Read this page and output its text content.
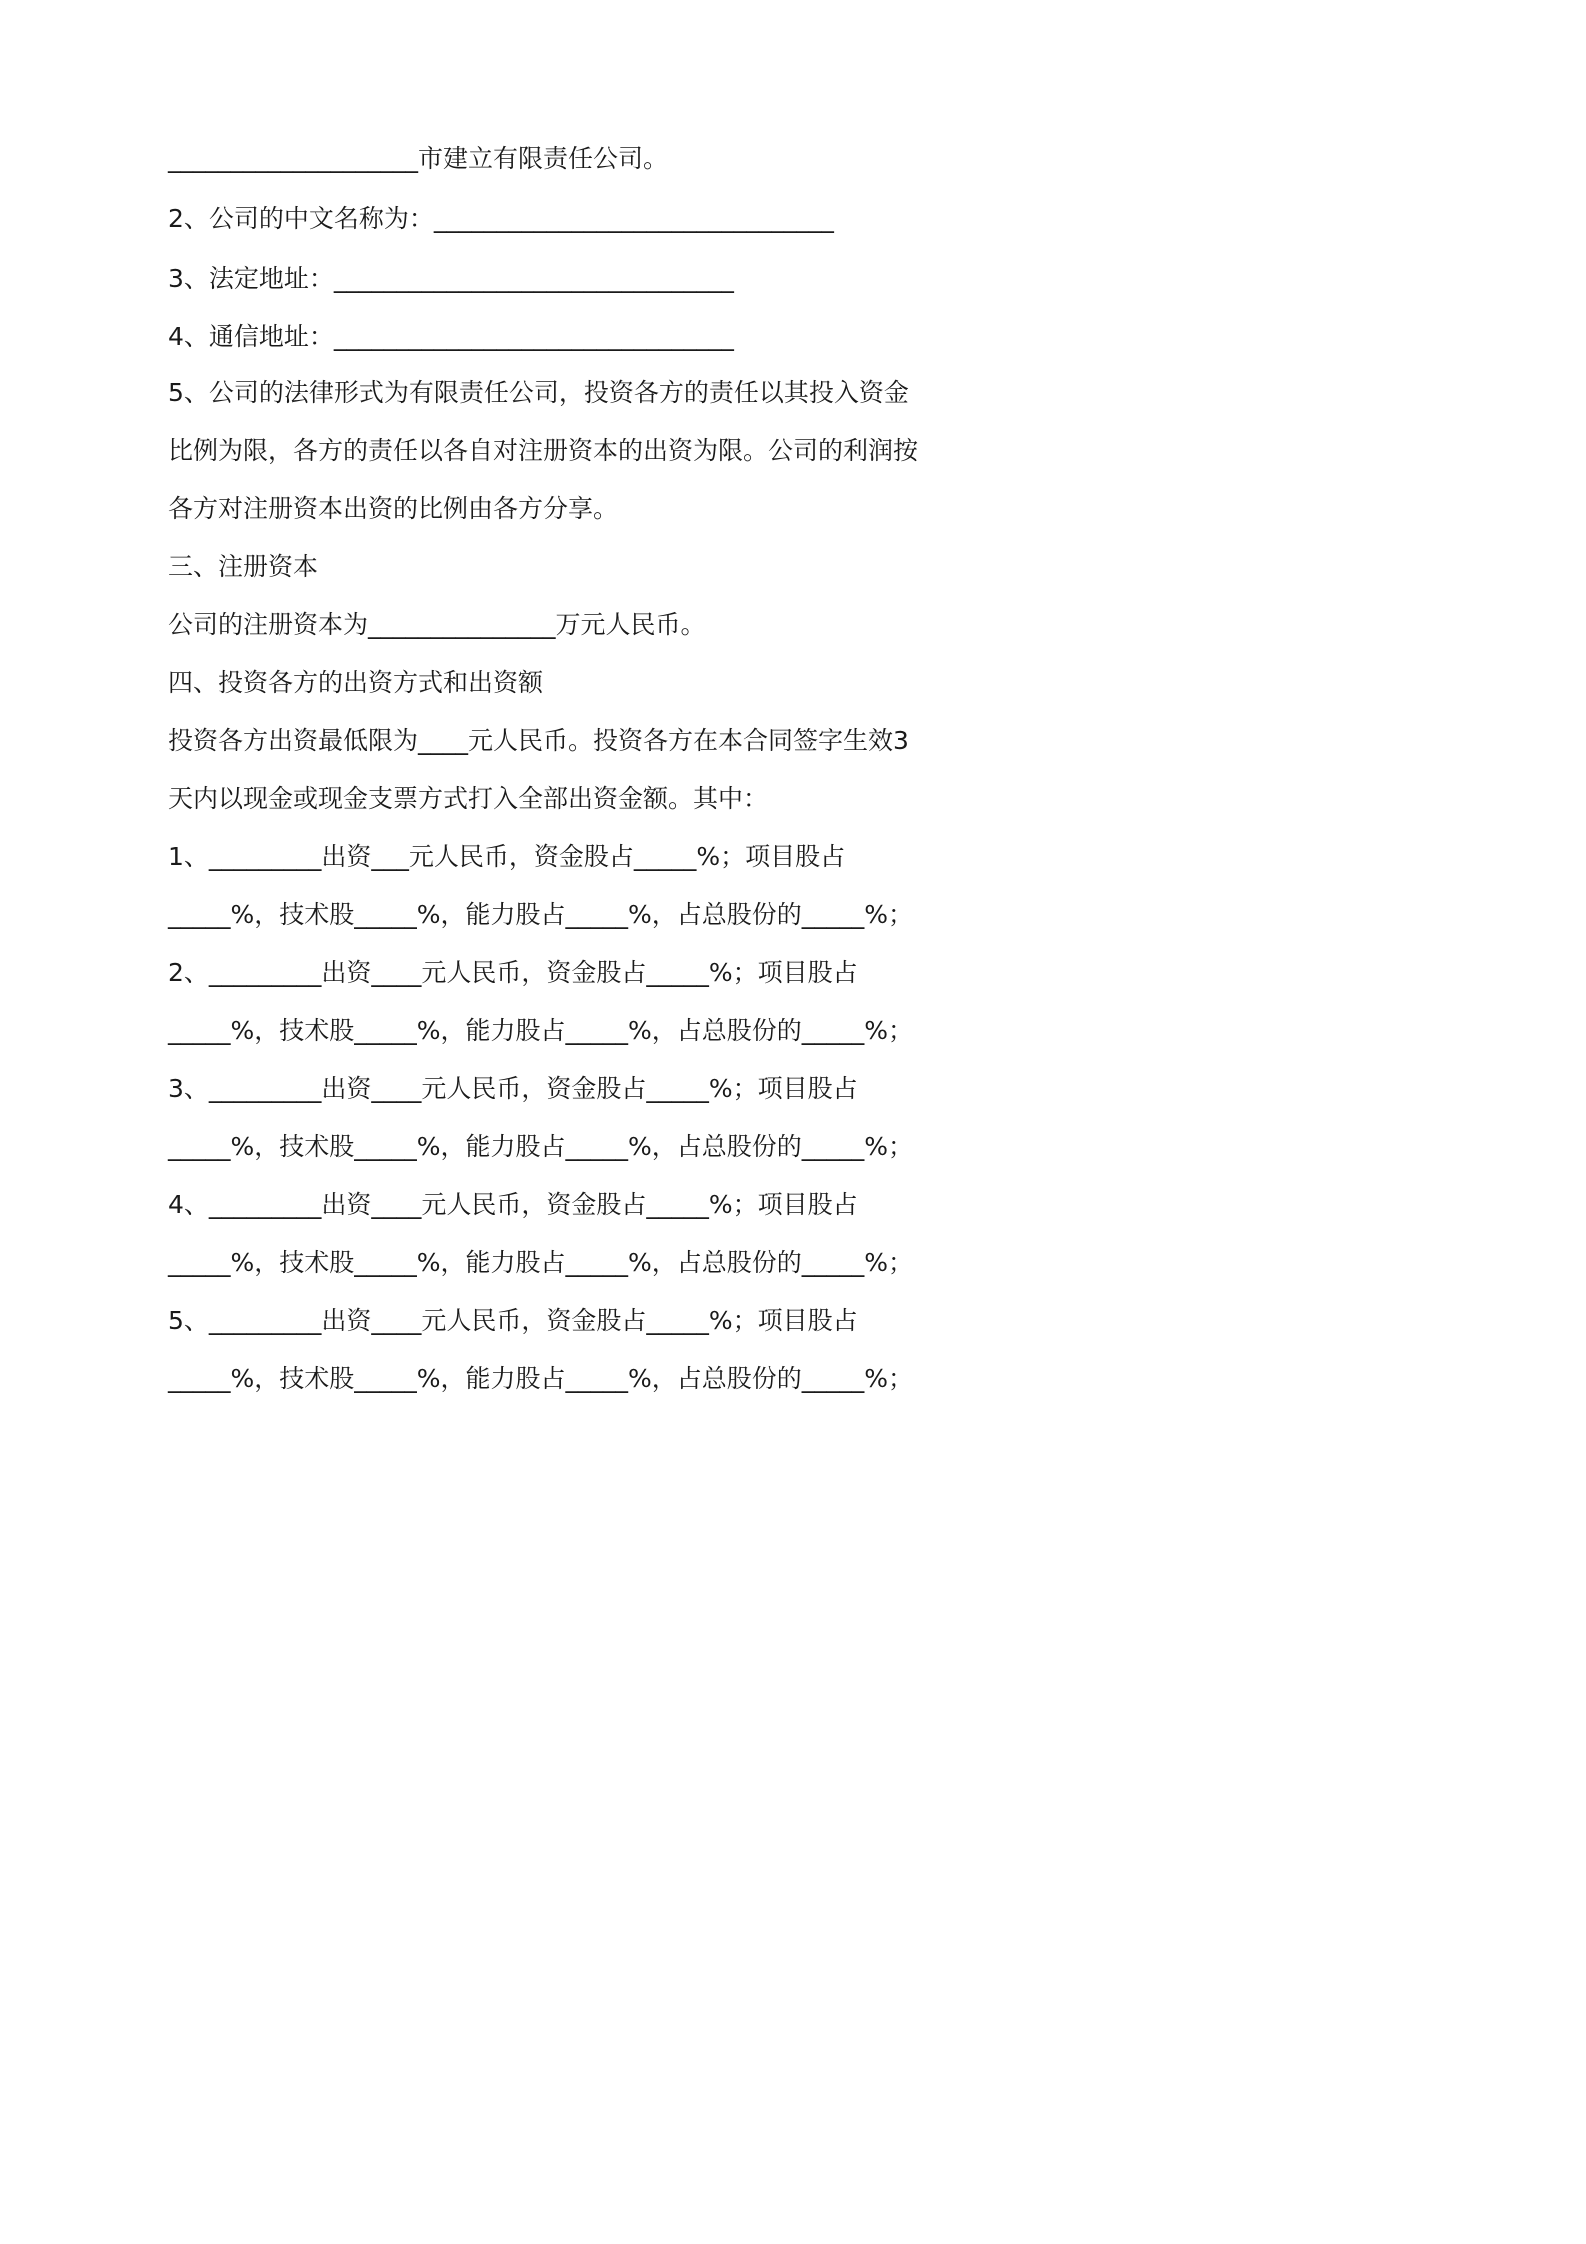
____________________市建立有限责任公司。

2、公司的中文名称为：________________________________

3、法定地址：________________________________

4、通信地址：________________________________

5、公司的法律形式为有限责任公司，投资各方的责任以其投入资金

比例为限，各方的责任以各自对注册资本的出资为限。公司的利润按

各方对注册资本出资的比例由各方分享。

三、注册资本

公司的注册资本为_______________万元人民币。

四、投资各方的出资方式和出资额

投资各方出资最低限为____元人民币。投资各方在本合同签字生效3

天内以现金或现金支票方式打入全部出资金额。其中：

1、_________出资___元人民币，资金股占_____%；项目股占

_____%，技术股_____%，能力股占_____%，占总股份的_____%；

2、_________出资____元人民币，资金股占_____%；项目股占

_____%，技术股_____%，能力股占_____%，占总股份的_____%；

3、_________出资____元人民币，资金股占_____%；项目股占

_____%，技术股_____%，能力股占_____%，占总股份的_____%；

4、_________出资____元人民币，资金股占_____%；项目股占

_____%，技术股_____%，能力股占_____%，占总股份的_____%；

5、_________出资____元人民币，资金股占_____%；项目股占

_____%，技术股_____%，能力股占_____%，占总股份的_____%；
